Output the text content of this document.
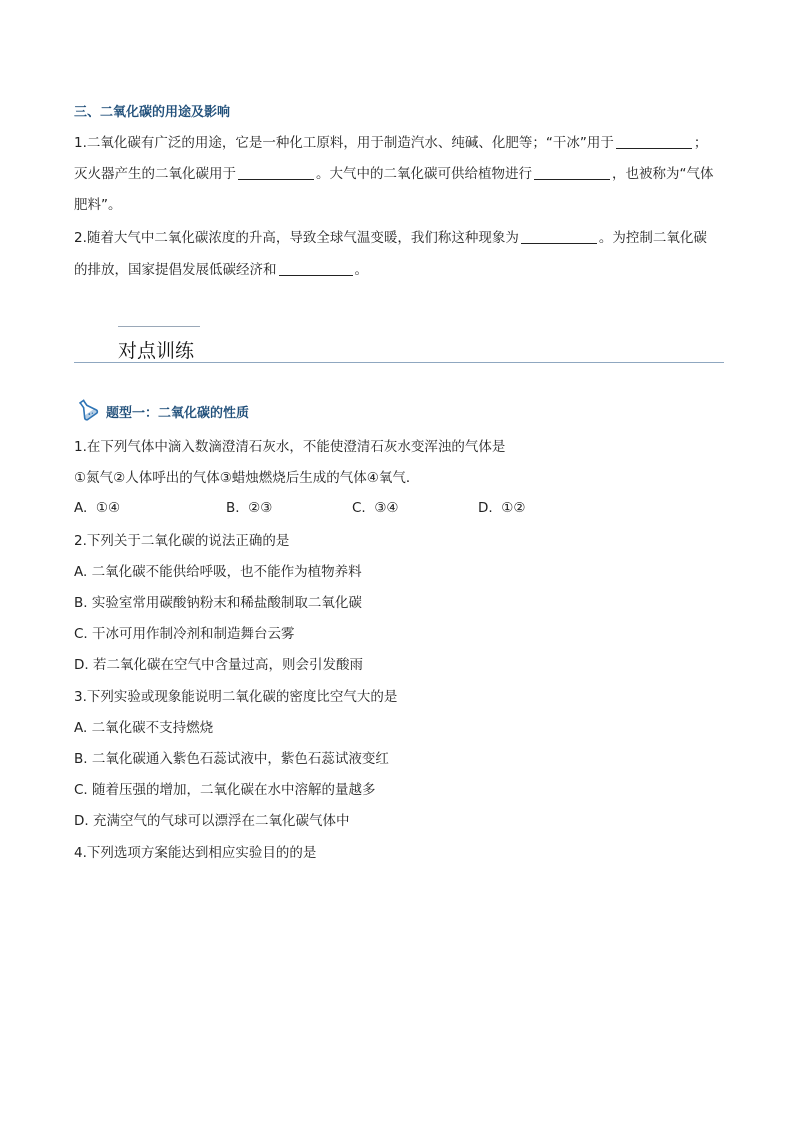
三、二氧化碳的用途及影响
1.二氧化碳有广泛的用途，它是一种化工原料，用于制造汽水、纯碱、化肥等；“干冰”用于	；
灭火器产生的二氧化碳用于	。大气中的二氧化碳可供给植物进行	，也被称为“气体
肥料”。
2.随着大气中二氧化碳浓度的升高，导致全球气温变暖，我们称这种现象为	。为控制二氧化碳
的排放，国家提倡发展低碳经济和	。
对点训练
题型一：二氧化碳的性质
1.在下列气体中滴入数滴澄清石灰水，不能使澄清石灰水变浑浊的气体是
①氮气②人体呼出的气体③蜡烛燃烧后生成的气体④氧气．
A. ①④	B. ②③	C. ③④	D. ①②
2.下列关于二氧化碳的说法正确的是
A. 二氧化碳不能供给呼吸，也不能作为植物养料
B. 实验室常用碳酸钠粉末和稀盐酸制取二氧化碳
C. 干冰可用作制冷剂和制造舞台云雾
D. 若二氧化碳在空气中含量过高，则会引发酸雨
3.下列实验或现象能说明二氧化碳的密度比空气大的是
A. 二氧化碳不支持燃烧
B. 二氧化碳通入紫色石蕊试液中，紫色石蕊试液变红
C. 随着压强的增加，二氧化碳在水中溶解的量越多
D. 充满空气的气球可以漂浮在二氧化碳气体中
4.下列选项方案能达到相应实验目的的是
